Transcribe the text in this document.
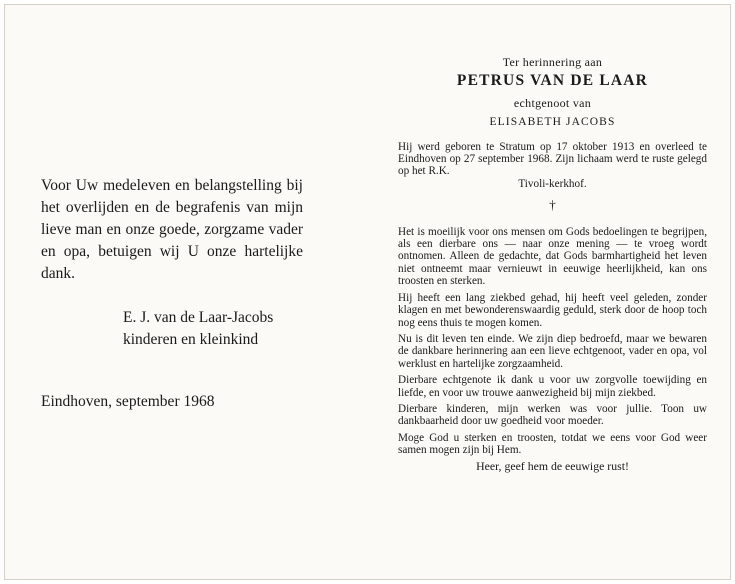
Voor Uw medeleven en belangstelling bij het overlijden en de begrafenis van mijn lieve man en onze goede, zorgzame vader en opa, betuigen wij U onze hartelijke dank.

E. J. van de Laar-Jacobs
kinderen en kleinkind

Eindhoven, september 1968

Ter herinnering aan
PETRUS VAN DE LAAR
echtgenoot van
ELISABETH JACOBS

Hij werd geboren te Stratum op 17 oktober 1913 en overleed te Eindhoven op 27 september 1968. Zijn lichaam werd te ruste gelegd op het R.K.

Tivoli-kerkhof.
†

Het is moeilijk voor ons mensen om Gods bedoelingen te begrijpen, als een dierbare ons — naar onze mening — te vroeg wordt ontnomen. Alleen de gedachte, dat Gods barmhartigheid het leven niet ontneemt maar vernieuwt in eeuwige heerlijkheid, kan ons troosten en sterken.

Hij heeft een lang ziekbed gehad, hij heeft veel geleden, zonder klagen en met bewonderenswaardig geduld, sterk door de hoop toch nog eens thuis te mogen komen.

Nu is dit leven ten einde. We zijn diep bedroefd, maar we bewaren de dankbare herinnering aan een lieve echtgenoot, vader en opa, vol werklust en hartelijke zorgzaamheid.

Dierbare echtgenote ik dank u voor uw zorgvolle toewijding en liefde, en voor uw trouwe aanwezigheid bij mijn ziekbed.

Dierbare kinderen, mijn werken was voor jullie. Toon uw dankbaarheid door uw goedheid voor moeder.

Moge God u sterken en troosten, totdat we eens voor God weer samen mogen zijn bij Hem.

Heer, geef hem de eeuwige rust!
